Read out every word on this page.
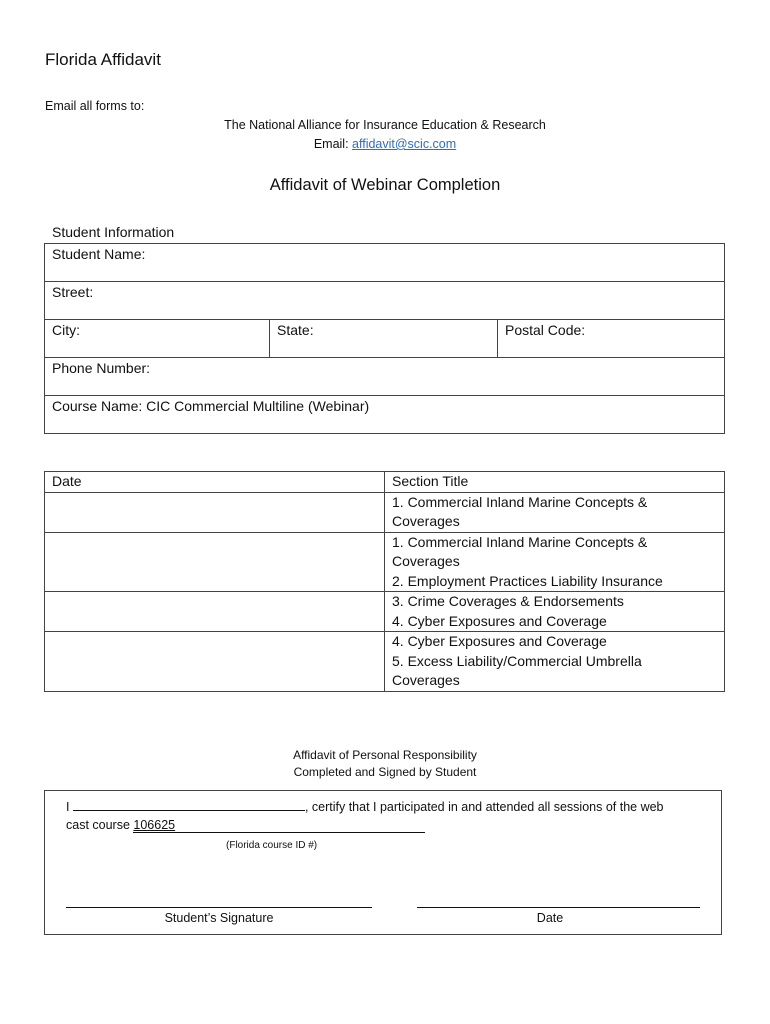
Florida Affidavit
Email all forms to:
The National Alliance for Insurance Education & Research
Email: affidavit@scic.com
Affidavit of Webinar Completion
Student Information
Student Name:
Street:
City:	State:	Postal Code:
Phone Number:
Course Name: CIC Commercial Multiline (Webinar)
Date	Section Title

	1. Commercial Inland Marine Concepts &
Coverages

	1. Commercial Inland Marine Concepts &
Coverages
2. Employment Practices Liability Insurance

	3. Crime Coverages & Endorsements
4. Cyber Exposures and Coverage

	4. Cyber Exposures and Coverage
5. Excess Liability/Commercial Umbrella
Coverages
Affidavit of Personal Responsibility
Completed and Signed by Student
I	, certify that I participated in and attended all sessions of the web
cast course 106625
(Florida course ID #)
Student’s Signature	Date
